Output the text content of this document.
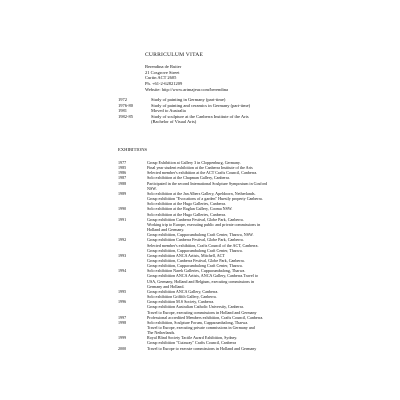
CURRICULUM VITAE
Berendina de Ruiter
21 Cosgrove Street
Curtin ACT 2605
Ph. +61-2-62821209
Website: http://www.artmajeur.com/berendina
1972	Study of painting in Germany (part-time)
1976-80	Study of painting and ceramics in Germany (part-time)
1981	Moved to Australia
1982-85	Study of sculpture at the Canberra Institute of the Arts
(Bachelor of Visual Arts)
EXHIBITIONS
1977	Group Exhibition at Gallery 3 in Cloppenburg, Germany.
1985	Final year student exhibition at the Canberra Institute of the Arts
1986	Selected member's exhibition at the ACT Crafts Council, Canberra.
1987	Solo exhibition at the Chapman Gallery, Canberra.
1988	Participated in the second International Sculpture Symposium in Gosford
NSW.
1989	Solo exhibition at the Jan Albers Gallery, Apeldoorn, Netherlands.
Group exhibition "Evocations of a garden" Huestly property Canberra.
Solo exhibition at the Hugo Galleries, Canberra.
1990	Solo exhibition at the Raglan Gallery, Cooma NSW.
Solo exhibition at the Hugo Galleries, Canberra.
1991	Group exhibition Canberra Festival, Globe Park, Canberra.
Working trip to Europe, executing public and private commissions in
Holland and Germany.
Group exhibition, Cuppacumbalong Craft Center, Tharwa, NSW.
1992	Group exhibition Canberra Festival, Globe Park, Canberra.
Selected member's exhibition, Crafts Council of the ACT, Canberra.
Group exhibition, Cuppacumbalong Craft Center, Tharwa.
1993	Group exhibition ANCA Artists, Mitchell, ACT
Group exhibition, Canberra Festival, Globe Park, Canberra.
Group exhibition, Cuppacumbalong Craft Center, Tharwa.
1994	Solo exhibition Narek Galleries, Cuppacumbalong, Tharwa.
Group exhibition ANCA Artists, ANCA Gallery, Canberra.Travel to
USA, Germany, Holland and Belgium, executing commissions in
Germany and Holland.
1995	Group exhibition ANCA Gallery, Canberra.
Solo exhibition Griffith Gallery, Canberra.
1996	Group exhibition M.S Society, Canberra.
Group exhibition Australian Catholic University, Canberra.
Travel to Europe, executing commissions in Holland and Germany
1997	Professional accredited Members exhibition, Crafts Council, Canberra.
1998	Solo exhibition, Sculpture Forum, Cuppacumbalong, Tharwa.
Travel to Europe, executing private commissions in Germany and
The Netherlands.
1999	Royal Blind Society Tactile Award Exhibition, Sydney.
Group exhibition "Cutaway" Crafts Council, Canberra
2000	Travel to Europe to execute commissions in Holland and Germany
